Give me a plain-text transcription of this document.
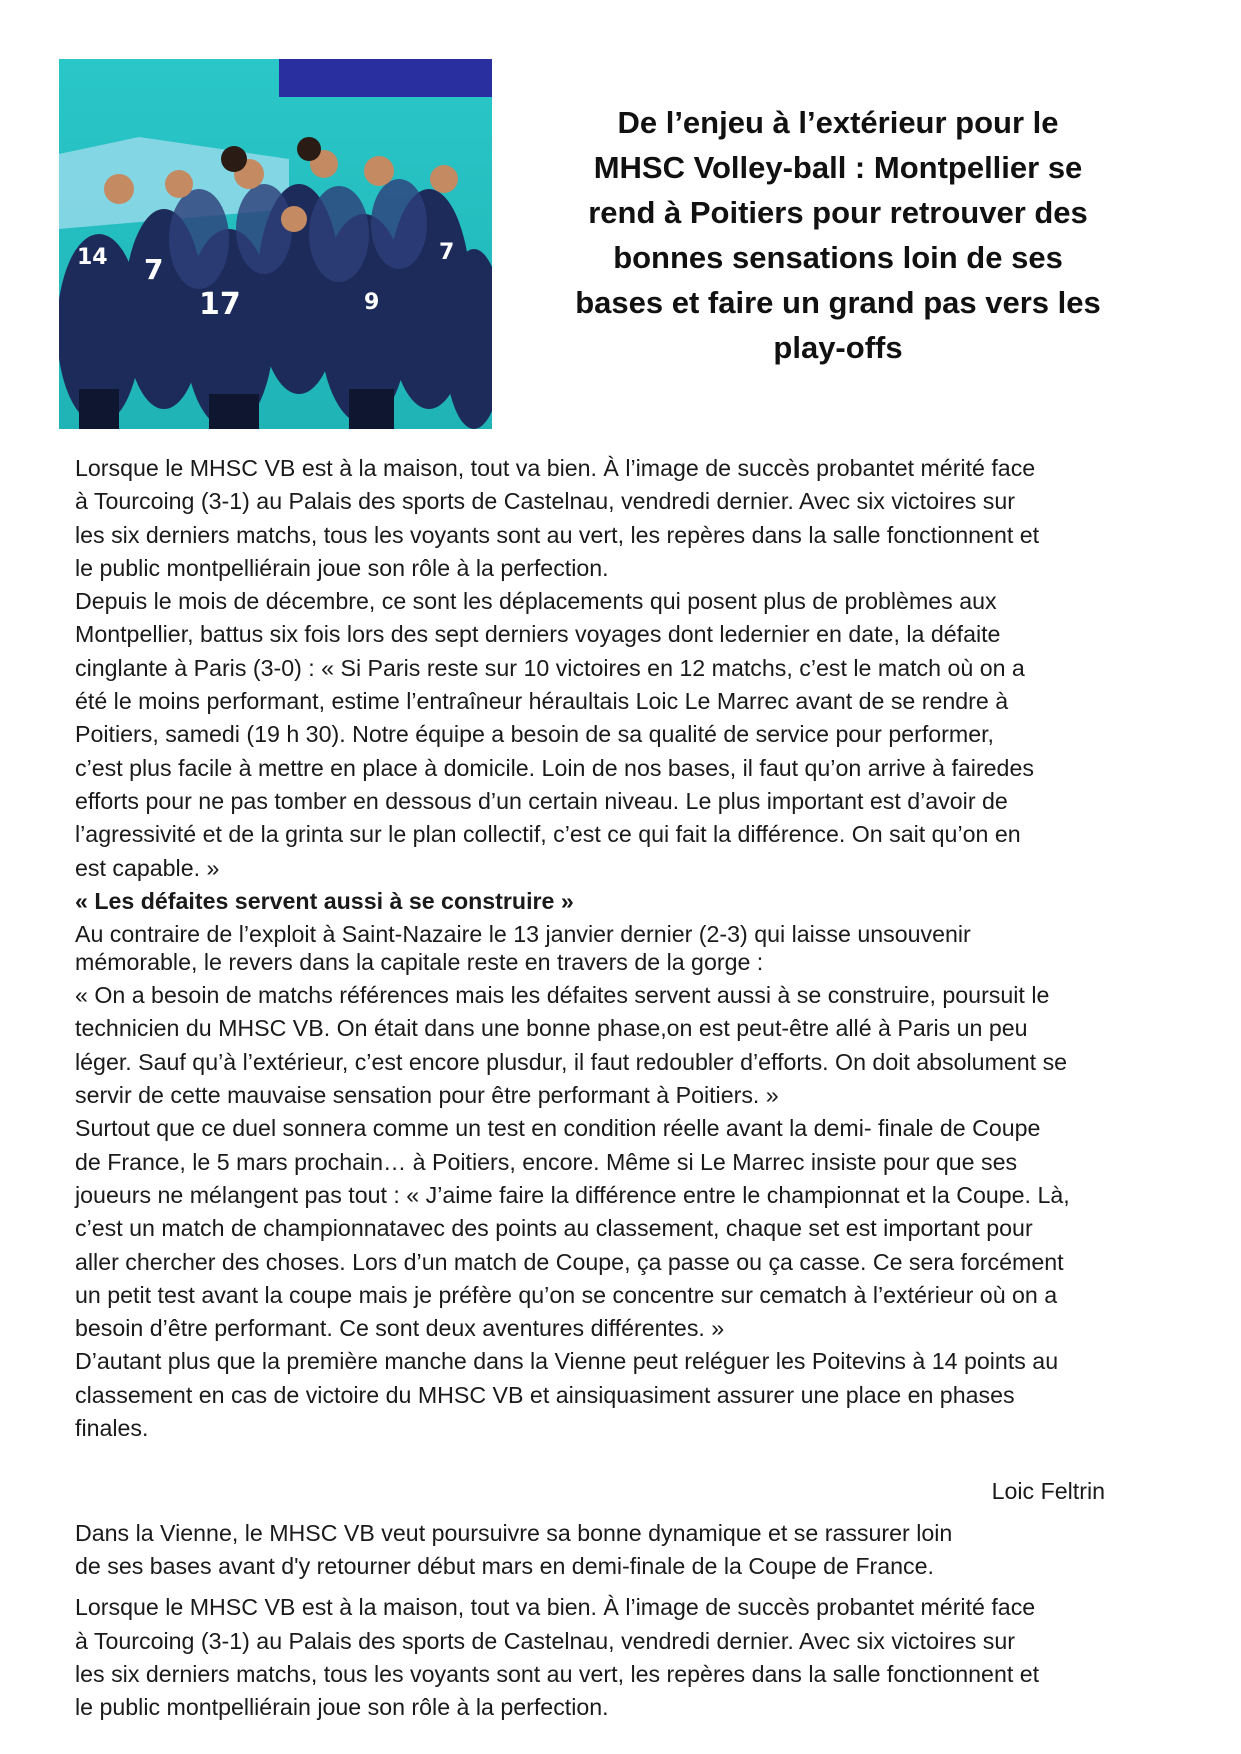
14 7
17	9
7
De l’enjeu à l’extérieur pour le
MHSC Volley-ball : Montpellier se
rend à Poitiers pour retrouver des
bonnes sensations loin de ses
bases et faire un grand pas vers les
play-offs

Lorsque le MHSC VB est à la maison, tout va bien. À l’image de succès probantet mérité face
à Tourcoing (3-1) au Palais des sports de Castelnau, vendredi dernier. Avec six victoires sur
les six derniers matchs, tous les voyants sont au vert, les repères dans la salle fonctionnent et
le public montpelliérain joue son rôle à la perfection.

Depuis le mois de décembre, ce sont les déplacements qui posent plus de problèmes aux
Montpellier, battus six fois lors des sept derniers voyages dont ledernier en date, la défaite
cinglante à Paris (3-0) : « Si Paris reste sur 10 victoires en 12 matchs, c’est le match où on a
été le moins performant, estime l’entraîneur héraultais Loic Le Marrec avant de se rendre à
Poitiers, samedi (19 h 30). Notre équipe a besoin de sa qualité de service pour performer,
c’est plus facile à mettre en place à domicile. Loin de nos bases, il faut qu’on arrive à fairedes
efforts pour ne pas tomber en dessous d’un certain niveau. Le plus important est d’avoir de
l’agressivité et de la grinta sur le plan collectif, c’est ce qui fait la différence. On sait qu’on en
est capable. »

« Les défaites servent aussi à se construire »

Au contraire de l’exploit à Saint-Nazaire le 13 janvier dernier (2-3) qui laisse unsouvenir
mémorable, le revers dans la capitale reste en travers de la gorge :

« On a besoin de matchs références mais les défaites servent aussi à se construire, poursuit le
technicien du MHSC VB. On était dans une bonne phase,on est peut-être allé à Paris un peu
léger. Sauf qu’à l’extérieur, c’est encore plusdur, il faut redoubler d’efforts. On doit absolument se
servir de cette mauvaise sensation pour être performant à Poitiers. »

Surtout que ce duel sonnera comme un test en condition réelle avant la demi- finale de Coupe
de France, le 5 mars prochain… à Poitiers, encore. Même si Le Marrec insiste pour que ses
joueurs ne mélangent pas tout : « J’aime faire la différence entre le championnat et la Coupe. Là,
c’est un match de championnatavec des points au classement, chaque set est important pour
aller chercher des choses. Lors d’un match de Coupe, ça passe ou ça casse. Ce sera forcément
un petit test avant la coupe mais je préfère qu’on se concentre sur cematch à l’extérieur où on a
besoin d’être performant. Ce sont deux aventures différentes. »

D’autant plus que la première manche dans la Vienne peut reléguer les Poitevins à 14 points au
classement en cas de victoire du MHSC VB et ainsiquasiment assurer une place en phases
finales.

Loic Feltrin

Dans la Vienne, le MHSC VB veut poursuivre sa bonne dynamique et se rassurer loin
de ses bases avant d'y retourner début mars en demi-finale de la Coupe de France.

Lorsque le MHSC VB est à la maison, tout va bien. À l’image de succès probantet mérité face
à Tourcoing (3-1) au Palais des sports de Castelnau, vendredi dernier. Avec six victoires sur
les six derniers matchs, tous les voyants sont au vert, les repères dans la salle fonctionnent et
le public montpelliérain joue son rôle à la perfection.
